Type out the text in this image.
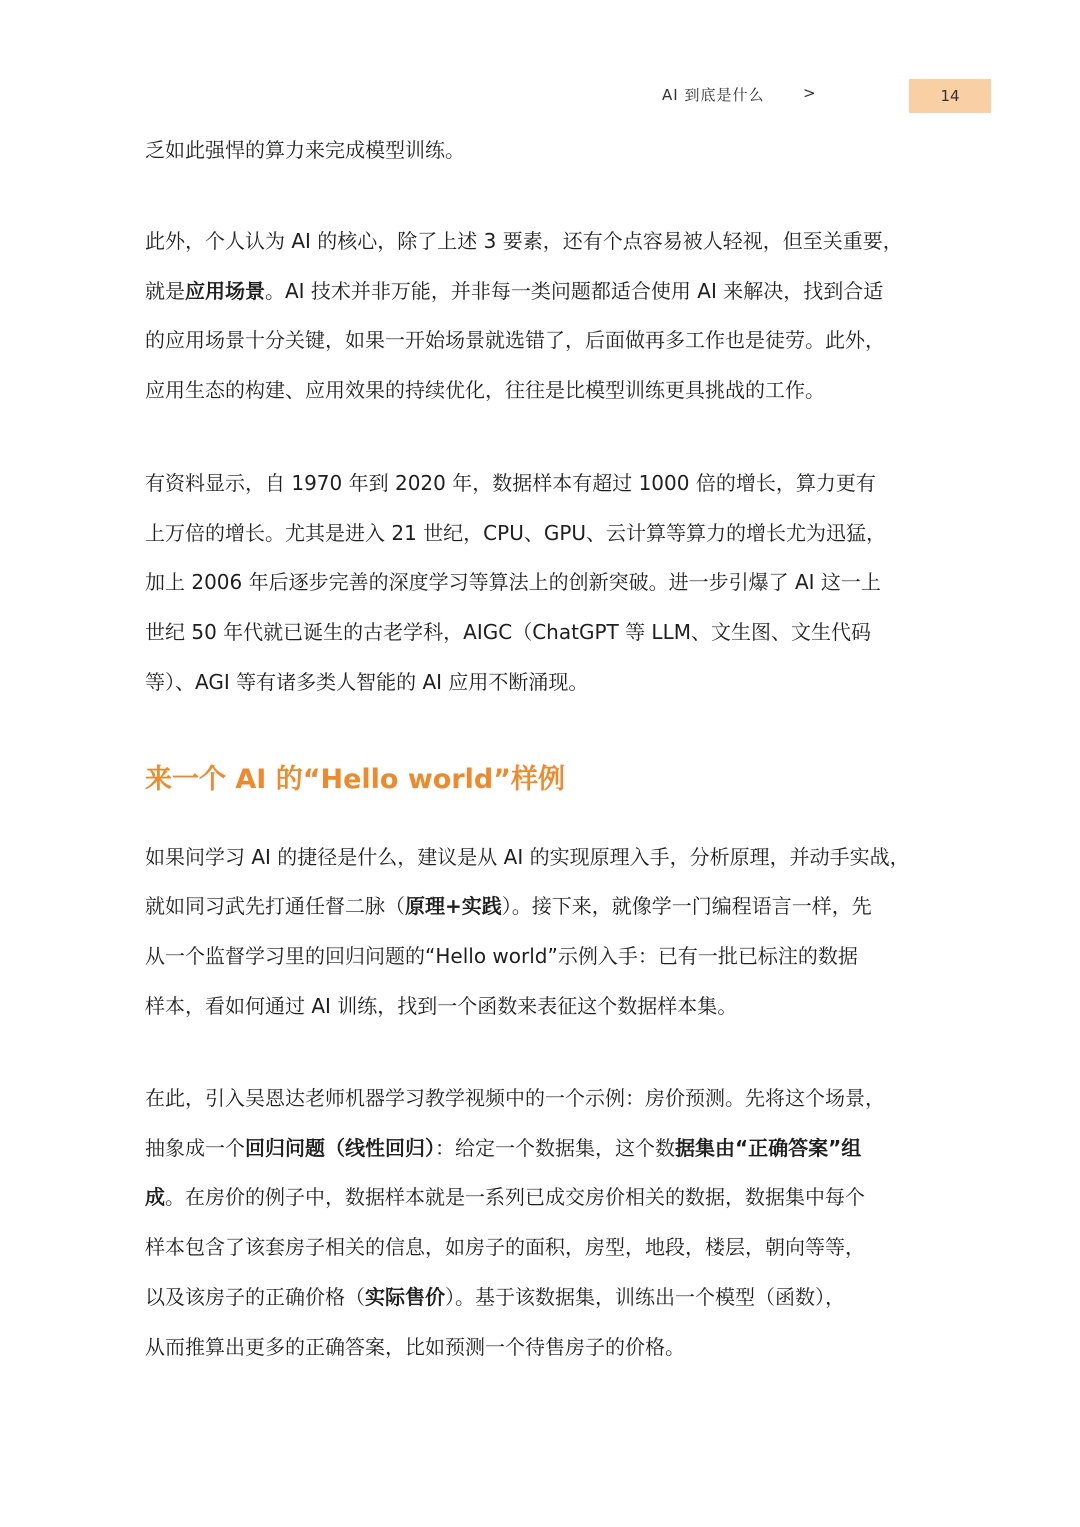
AI 到底是什么	>	14
乏如此强悍的算力来完成模型训练。
此外，个人认为 AI 的核心，除了上述 3 要素，还有个点容易被人轻视，但至关重要，
就是应用场景。AI 技术并非万能，并非每一类问题都适合使用 AI 来解决，找到合适
的应用场景十分关键，如果一开始场景就选错了，后面做再多工作也是徒劳。此外，
应用生态的构建、应用效果的持续优化，往往是比模型训练更具挑战的工作。
有资料显示，自 1970 年到 2020 年，数据样本有超过 1000 倍的增长，算力更有
上万倍的增长。尤其是进入 21 世纪，CPU、GPU、云计算等算力的增长尤为迅猛，
加上 2006 年后逐步完善的深度学习等算法上的创新突破。进一步引爆了 AI 这一上
世纪 50 年代就已诞生的古老学科，AIGC（ChatGPT 等 LLM、文生图、文生代码
等）、AGI 等有诸多类人智能的 AI 应用不断涌现。
来一个 AI 的“Hello world”样例
如果问学习 AI 的捷径是什么，建议是从 AI 的实现原理入手，分析原理，并动手实战，
就如同习武先打通任督二脉（原理+实践）。接下来，就像学一门编程语言一样，先
从一个监督学习里的回归问题的“Hello world”示例入手：已有一批已标注的数据
样本，看如何通过 AI 训练，找到一个函数来表征这个数据样本集。
在此，引入吴恩达老师机器学习教学视频中的一个示例：房价预测。先将这个场景，
抽象成一个回归问题（线性回归）：给定一个数据集，这个数据集由“正确答案”组
成。在房价的例子中，数据样本就是一系列已成交房价相关的数据，数据集中每个
样本包含了该套房子相关的信息，如房子的面积，房型，地段，楼层，朝向等等，
以及该房子的正确价格（实际售价）。基于该数据集，训练出一个模型（函数），
从而推算出更多的正确答案，比如预测一个待售房子的价格。
